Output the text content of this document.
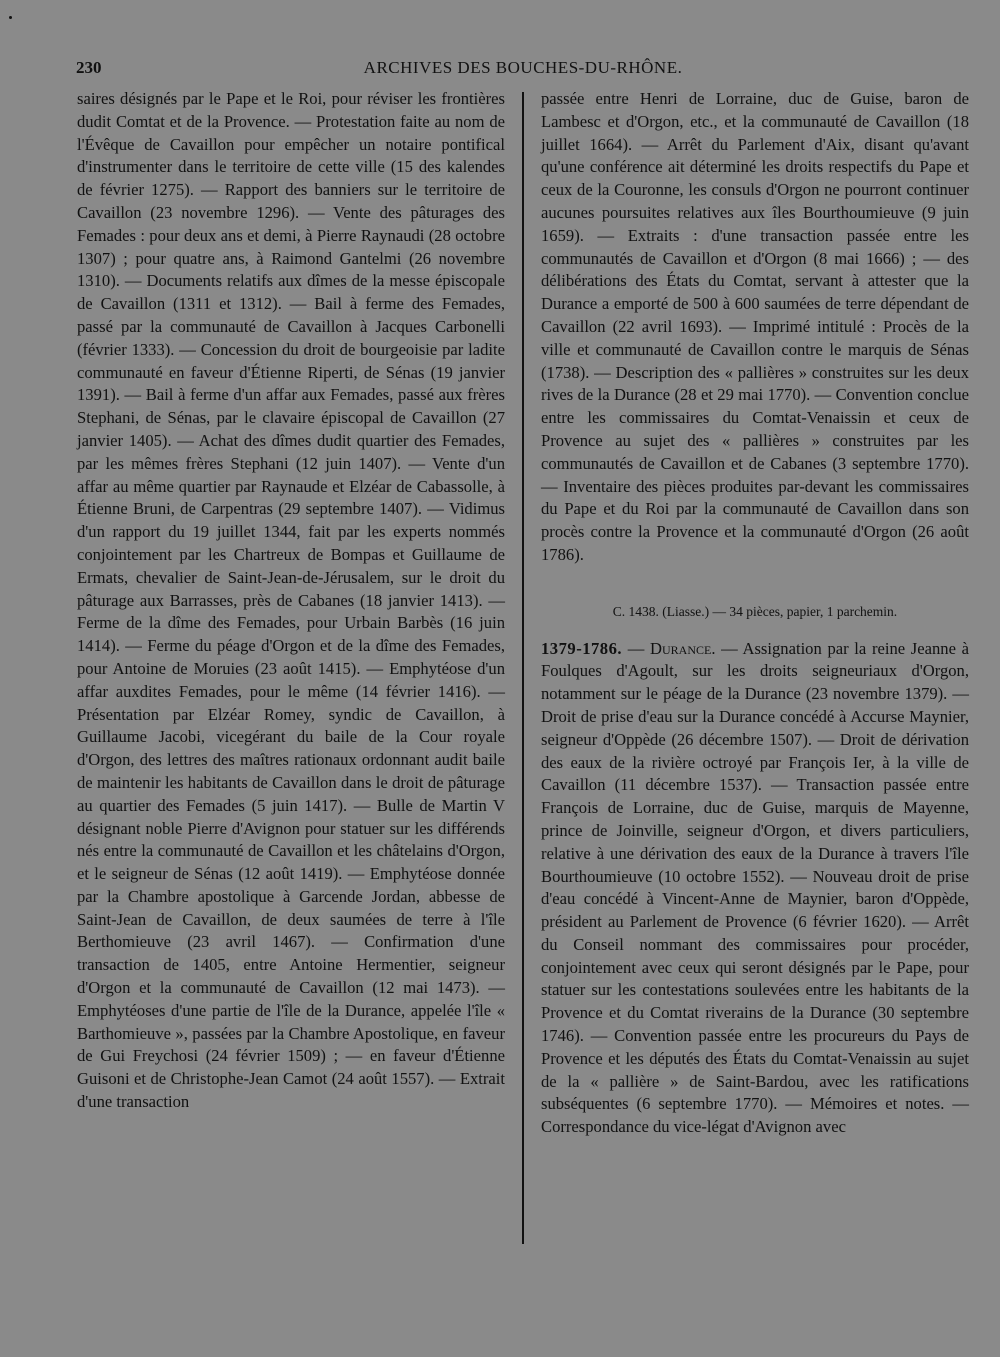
230	ARCHIVES DES BOUCHES-DU-RHÔNE.

saires désignés par le Pape et le Roi, pour réviser les frontières dudit Comtat et de la Provence. — Protestation faite au nom de l'Évêque de Cavaillon pour empêcher un notaire pontifical d'instrumenter dans le territoire de cette ville (15 des kalendes de février 1275). — Rapport des banniers sur le territoire de Cavaillon (23 novembre 1296). — Vente des pâturages des Femades : pour deux ans et demi, à Pierre Raynaudi (28 octobre 1307) ; pour quatre ans, à Raimond Gantelmi (26 novembre 1310). — Documents relatifs aux dîmes de la messe épiscopale de Cavaillon (1311 et 1312). — Bail à ferme des Femades, passé par la communauté de Cavaillon à Jacques Carbonelli (février 1333). — Concession du droit de bourgeoisie par ladite communauté en faveur d'Étienne Riperti, de Sénas (19 janvier 1391). — Bail à ferme d'un affar aux Femades, passé aux frères Stephani, de Sénas, par le clavaire épiscopal de Cavaillon (27 janvier 1405). — Achat des dîmes dudit quartier des Femades, par les mêmes frères Stephani (12 juin 1407). — Vente d'un affar au même quartier par Raynaude et Elzéar de Cabassolle, à Étienne Bruni, de Carpentras (29 septembre 1407). — Vidimus d'un rapport du 19 juillet 1344, fait par les experts nommés conjointement par les Chartreux de Bompas et Guillaume de Ermats, chevalier de Saint-Jean-de-Jérusalem, sur le droit du pâturage aux Barrasses, près de Cabanes (18 janvier 1413). — Ferme de la dîme des Femades, pour Urbain Barbès (16 juin 1414). — Ferme du péage d'Orgon et de la dîme des Femades, pour Antoine de Moruies (23 août 1415). — Emphytéose d'un affar auxdites Femades, pour le même (14 février 1416). — Présentation par Elzéar Romey, syndic de Cavaillon, à Guillaume Jacobi, vicegérant du baile de la Cour royale d'Orgon, des lettres des maîtres rationaux ordonnant audit baile de maintenir les habitants de Cavaillon dans le droit de pâturage au quartier des Femades (5 juin 1417). — Bulle de Martin V désignant noble Pierre d'Avignon pour statuer sur les différends nés entre la communauté de Cavaillon et les châtelains d'Orgon, et le seigneur de Sénas (12 août 1419). — Emphytéose donnée par la Chambre apostolique à Garcende Jordan, abbesse de Saint-Jean de Cavaillon, de deux saumées de terre à l'île Berthomieuve (23 avril 1467). — Confirmation d'une transaction de 1405, entre Antoine Hermentier, seigneur d'Orgon et la communauté de Cavaillon (12 mai 1473). — Emphytéoses d'une partie de l'île de la Durance, appelée l'île « Barthomieuve », passées par la Chambre Apostolique, en faveur de Gui Freychosi (24 février 1509) ; — en faveur d'Étienne Guisoni et de Christophe-Jean Camot (24 août 1557). — Extrait d'une transaction

passée entre Henri de Lorraine, duc de Guise, baron de Lambesc et d'Orgon, etc., et la communauté de Cavaillon (18 juillet 1664). — Arrêt du Parlement d'Aix, disant qu'avant qu'une conférence ait déterminé les droits respectifs du Pape et ceux de la Couronne, les consuls d'Orgon ne pourront continuer aucunes poursuites relatives aux îles Bourthoumieuve (9 juin 1659). — Extraits : d'une transaction passée entre les communautés de Cavaillon et d'Orgon (8 mai 1666) ; — des délibérations des États du Comtat, servant à attester que la Durance a emporté de 500 à 600 saumées de terre dépendant de Cavaillon (22 avril 1693). — Imprimé intitulé : Procès de la ville et communauté de Cavaillon contre le marquis de Sénas (1738). — Description des « pallières » construites sur les deux rives de la Durance (28 et 29 mai 1770). — Convention conclue entre les commissaires du Comtat-Venaissin et ceux de Provence au sujet des « pallières » construites par les communautés de Cavaillon et de Cabanes (3 septembre 1770). — Inventaire des pièces produites par-devant les commissaires du Pape et du Roi par la communauté de Cavaillon dans son procès contre la Provence et la communauté d'Orgon (26 août 1786).

C. 1438. (Liasse.) — 34 pièces, papier, 1 parchemin.

1379-1786. — Durance. — Assignation par la reine Jeanne à Foulques d'Agoult, sur les droits seigneuriaux d'Orgon, notamment sur le péage de la Durance (23 novembre 1379). — Droit de prise d'eau sur la Durance concédé à Accurse Maynier, seigneur d'Oppède (26 décembre 1507). — Droit de dérivation des eaux de la rivière octroyé par François Ier, à la ville de Cavaillon (11 décembre 1537). — Transaction passée entre François de Lorraine, duc de Guise, marquis de Mayenne, prince de Joinville, seigneur d'Orgon, et divers particuliers, relative à une dérivation des eaux de la Durance à travers l'île Bourthoumieuve (10 octobre 1552). — Nouveau droit de prise d'eau concédé à Vincent-Anne de Maynier, baron d'Oppède, président au Parlement de Provence (6 février 1620). — Arrêt du Conseil nommant des commissaires pour procéder, conjointement avec ceux qui seront désignés par le Pape, pour statuer sur les contestations soulevées entre les habitants de la Provence et du Comtat riverains de la Durance (30 septembre 1746). — Convention passée entre les procureurs du Pays de Provence et les députés des États du Comtat-Venaissin au sujet de la « pallière » de Saint-Bardou, avec les ratifications subséquentes (6 septembre 1770). — Mémoires et notes. — Correspondance du vice-légat d'Avignon avec
